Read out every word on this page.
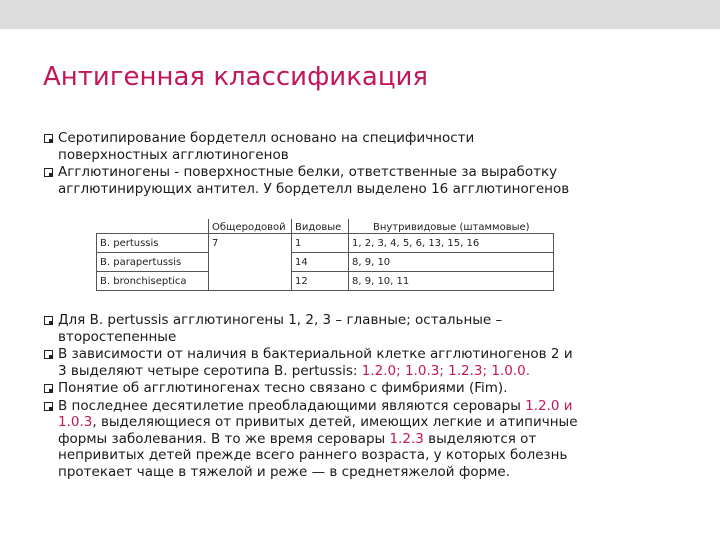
Антигенная классификация
Серотипирование бордетелл основано на специфичности
поверхностных агглютиногенов
Агглютиногены - поверхностные белки, ответственные за выработку
агглютинирующих антител. У бордетелл выделено 16 агглютиногенов
	Общеродовой	Видовые	Внутривидовые (штаммовые)
B. pertussis	7	1	1, 2, 3, 4, 5, 6, 13, 15, 16
B. parapertussis		14	8, 9, 10
B. bronchiseptica		12	8, 9, 10, 11
Для B. pertussis агглютиногены 1, 2, 3 – главные; остальные –
второстепенные
В зависимости от наличия в бактериальной клетке агглютиногенов 2 и
3 выделяют четыре серотипа B. pertussis: 1.2.0; 1.0.3; 1.2.3; 1.0.0.
Понятие об агглютиногенах тесно связано с фимбриями (Fim).
В последнее десятилетие преобладающими являются серовары 1.2.0 и
1.0.3, выделяющиеся от привитых детей, имеющих легкие и атипичные
формы заболевания. В то же время серовары 1.2.3 выделяются от
непривитых детей прежде всего раннего возраста, у которых болезнь
протекает чаще в тяжелой и реже — в среднетяжелой форме.
